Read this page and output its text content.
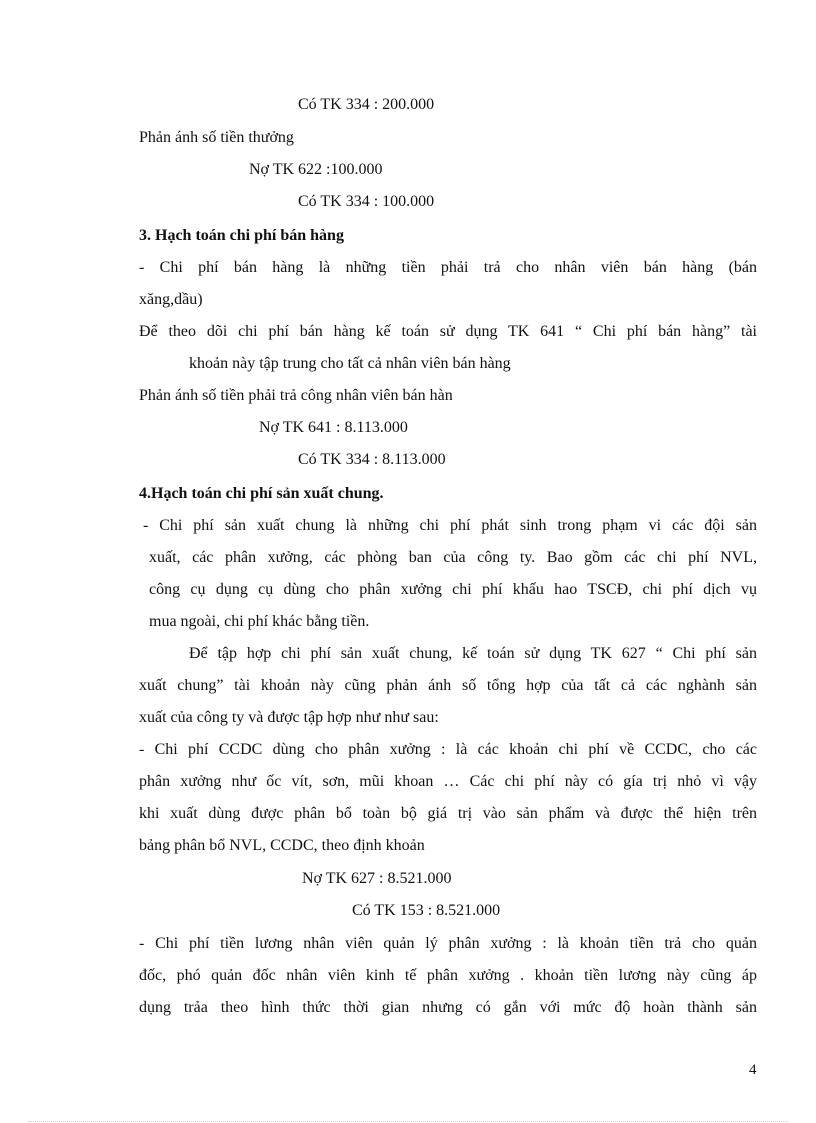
Có TK 334 : 200.000
Phản ánh số tiền thưởng
Nợ TK 622 :100.000
Có TK 334 : 100.000
3. Hạch toán chi phí bán hàng
- Chi phí bán hàng là những tiền phải trả cho nhân viên bán hàng (bán
xăng,dầu)
Để theo dõi chi phí bán hàng kế toán sử dụng TK 641 “ Chi phí bán hàng” tài
khoản này tập trung cho tất cả nhân viên bán hàng
Phản ánh số tiền phải trả công nhân viên bán hàn
Nợ TK 641 : 8.113.000
Có TK 334 : 8.113.000
4.Hạch toán chi phí sản xuất chung.
- Chi phí sản xuất chung là những chi phí phát sinh trong phạm vi các đội sản
xuất, các phân xưởng, các phòng ban của công ty. Bao gồm các chi phí NVL,
công cụ dụng cụ dùng cho phân xưởng chi phí khấu hao TSCĐ, chi phí dịch vụ
mua ngoài, chi phí khác bằng tiền.
Để tập hợp chi phí sản xuất chung, kế toán sử dụng TK 627 “ Chi phí sản
xuất chung” tài khoản này cũng phản ánh số tổng hợp của tất cả các nghành sản
xuất của công ty và được tập hợp như như sau:
- Chi phí CCDC dùng cho phân xưởng : là các khoản chi phí về CCDC, cho các
phân xưởng như ốc vít, sơn, mũi khoan … Các chi phí này có gía trị nhỏ vì vậy
khi xuất dùng được phân bổ toàn bộ giá trị vào sản phẩm và được thể hiện trên
bảng phân bổ NVL, CCDC, theo định khoản
Nợ TK 627 : 8.521.000
Có TK 153 : 8.521.000
- Chi phí tiền lương nhân viên quản lý phân xưởng : là khoản tiền trả cho quản
đốc, phó quản đốc nhân viên kinh tế phân xưởng . khoản tiền lương này cũng áp
dụng trảa theo hình thức thời gian nhưng có gắn với mức độ hoàn thành sản
4
